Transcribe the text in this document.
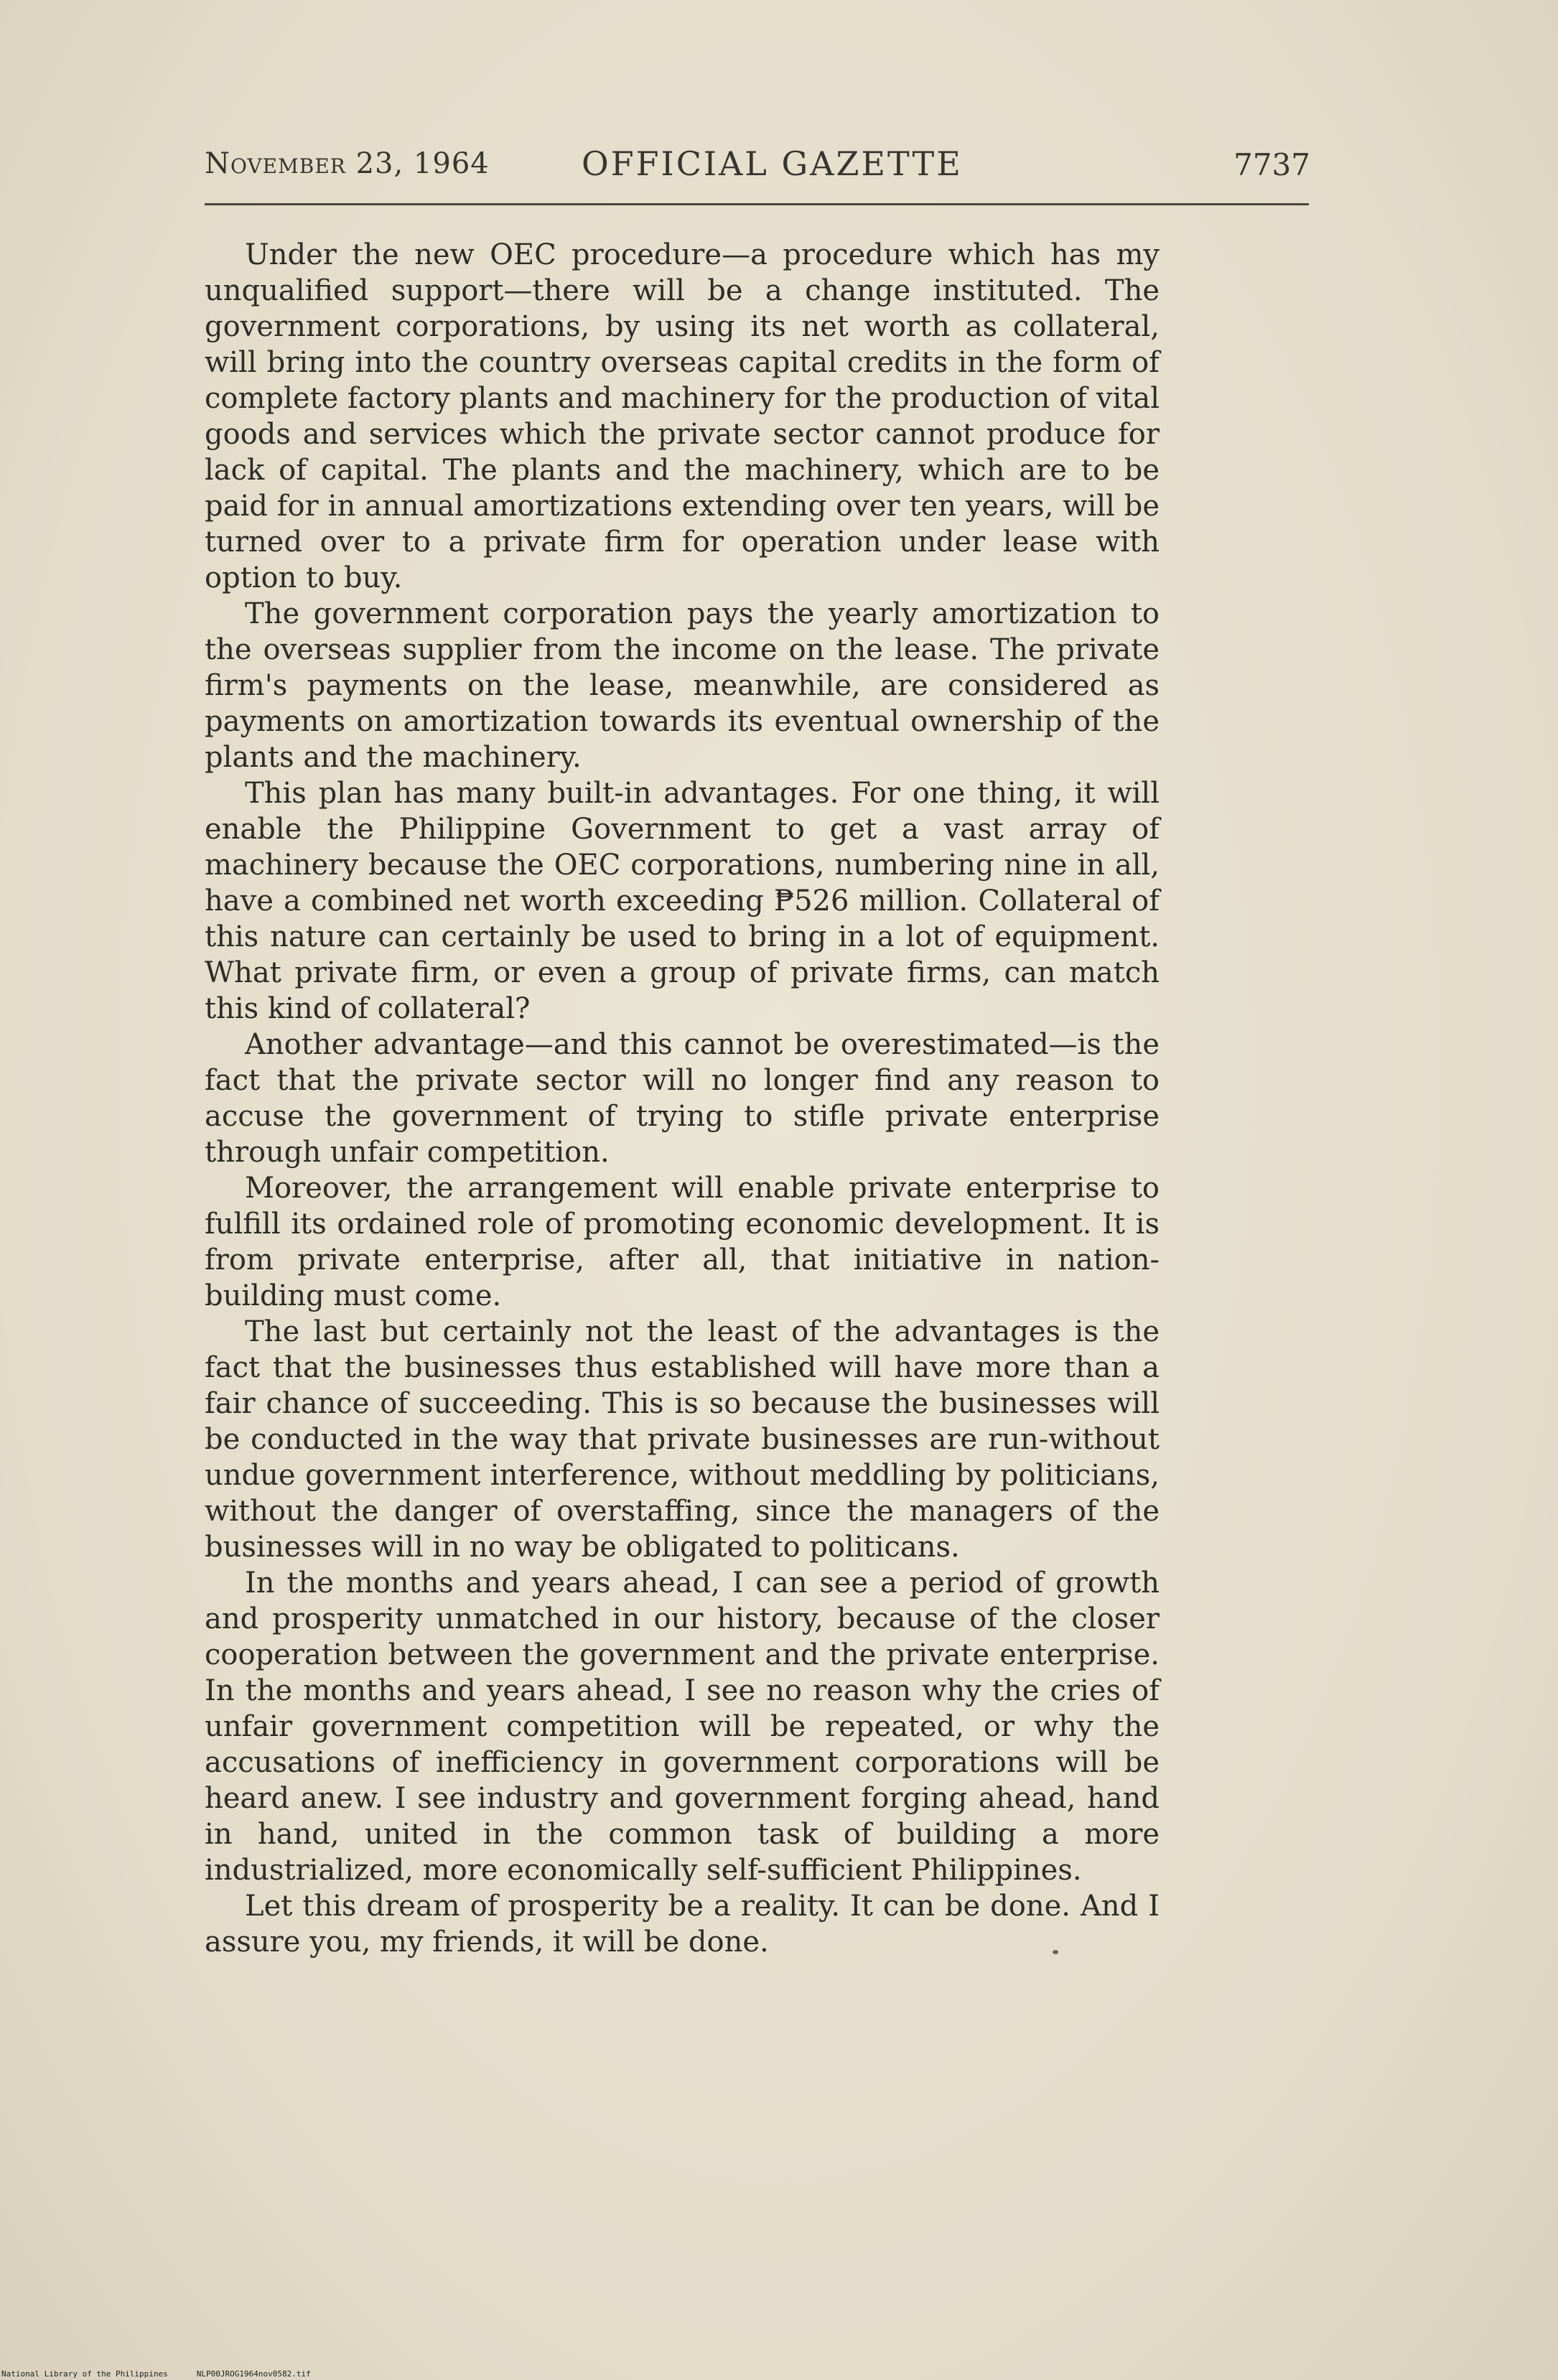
November 23, 1964	OFFICIAL GAZETTE	7737

Under the new OEC procedure—a procedure which has my unqualified support—there will be a change instituted. The government corporations, by using its net worth as collateral, will bring into the country overseas capital credits in the form of complete factory plants and machinery for the production of vital goods and services which the private sector cannot produce for lack of capital. The plants and the machinery, which are to be paid for in annual amortizations extending over ten years, will be turned over to a private firm for operation under lease with option to buy.

The government corporation pays the yearly amortization to the overseas supplier from the income on the lease. The private firm's payments on the lease, meanwhile, are considered as payments on amortization towards its eventual ownership of the plants and the machinery.

This plan has many built-in advantages. For one thing, it will enable the Philippine Government to get a vast array of machinery because the OEC corporations, numbering nine in all, have a combined net worth exceeding ₱526 million. Collateral of this nature can certainly be used to bring in a lot of equipment. What private firm, or even a group of private firms, can match this kind of collateral?

Another advantage—and this cannot be overestimated—is the fact that the private sector will no longer find any reason to accuse the government of trying to stifle private enterprise through unfair competition.

Moreover, the arrangement will enable private enterprise to fulfill its ordained role of promoting economic development. It is from private enterprise, after all, that initiative in nation-building must come.

The last but certainly not the least of the advantages is the fact that the businesses thus established will have more than a fair chance of succeeding. This is so because the businesses will be conducted in the way that private businesses are run-without undue government interference, without meddling by politicians, without the danger of overstaffing, since the managers of the businesses will in no way be obligated to politicans.

In the months and years ahead, I can see a period of growth and prosperity unmatched in our history, because of the closer cooperation between the government and the private enterprise. In the months and years ahead, I see no reason why the cries of unfair government competition will be repeated, or why the accusations of inefficiency in government corporations will be heard anew. I see industry and government forging ahead, hand in hand, united in the common task of building a more industrialized, more economically self-sufficient Philippines.

Let this dream of prosperity be a reality. It can be done. And I assure you, my friends, it will be done.

National Library of the Philippines	NLP00JROG1964nov0582.tif
